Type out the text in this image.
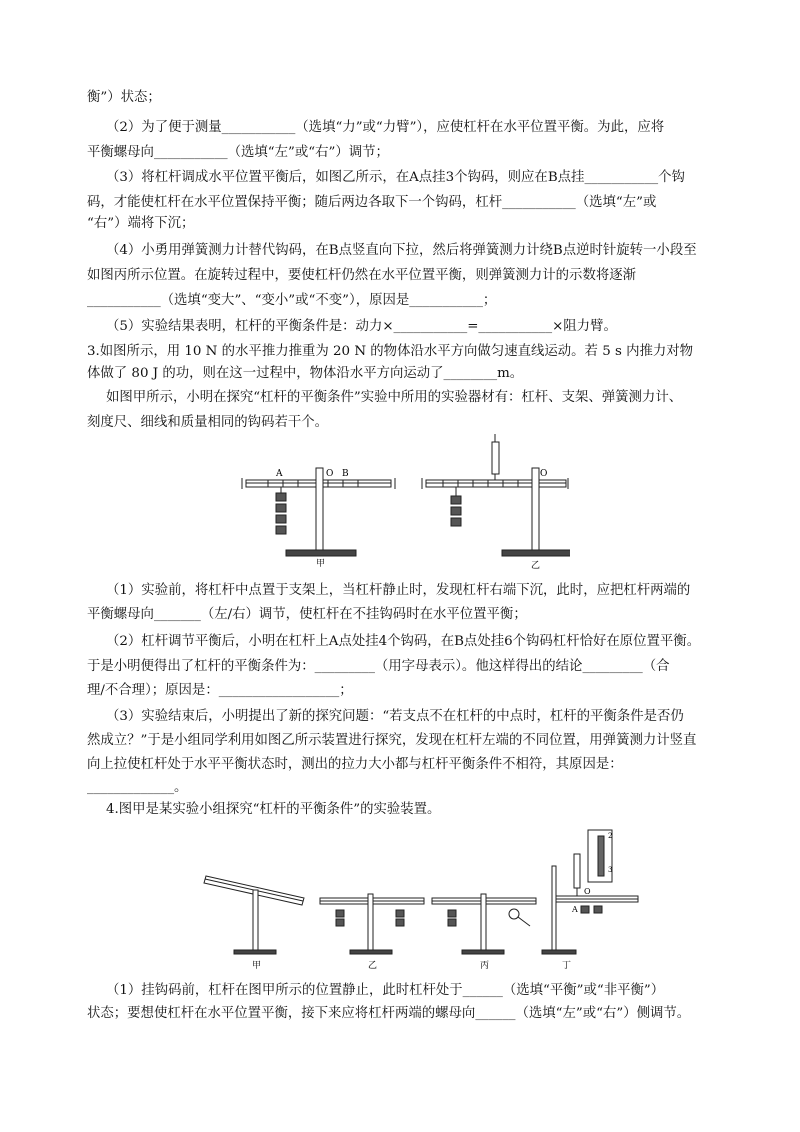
衡”）状态；
（2）为了便于测量___________（选填“力”或“力臂”），应使杠杆在水平位置平衡。为此，应将
平衡螺母向___________（选填“左”或“右”）调节；
（3）将杠杆调成水平位置平衡后，如图乙所示，在A点挂3个钩码，则应在B点挂___________个钩
码，才能使杠杆在水平位置保持平衡；随后两边各取下一个钩码，杠杆___________（选填“左”或
“右”）端将下沉；
（4）小勇用弹簧测力计替代钩码，在B点竖直向下拉，然后将弹簧测力计绕B点逆时针旋转一小段至
如图丙所示位置。在旋转过程中，要使杠杆仍然在水平位置平衡，则弹簧测力计的示数将逐渐
___________（选填“变大”、“变小”或“不变”），原因是___________；
（5）实验结果表明，杠杆的平衡条件是：动力×___________=___________×阻力臂。
3.如图所示，用 10 N 的水平推力推重为 20 N 的物体沿水平方向做匀速直线运动。若 5 s 内推力对物
体做了 80 J 的功，则在这一过程中，物体沿水平方向运动了________m。
如图甲所示，小明在探究“杠杆的平衡条件”实验中所用的实验器材有：杠杆、支架、弹簧测力计、
刻度尺、细线和质量相同的钩码若干个。
A	O B	O
甲	乙
（1）实验前，将杠杆中点置于支架上，当杠杆静止时，发现杠杆右端下沉，此时，应把杠杆两端的
平衡螺母向_______（左/右）调节，使杠杆在不挂钩码时在水平位置平衡；
（2）杠杆调节平衡后，小明在杠杆上A点处挂4个钩码，在B点处挂6个钩码杠杆恰好在原位置平衡。
于是小明便得出了杠杆的平衡条件为：_________（用字母表示）。他这样得出的结论_________（合
理/不合理）；原因是：__________________；
（3）实验结束后，小明提出了新的探究问题：“若支点不在杠杆的中点时，杠杆的平衡条件是否仍
然成立？”于是小组同学利用如图乙所示装置进行探究，发现在杠杆左端的不同位置，用弹簧测力计竖直
向上拉使杠杆处于水平平衡状态时，测出的拉力大小都与杠杆平衡条件不相符，其原因是：
_____________。
4.图甲是某实验小组探究“杠杆的平衡条件”的实验装置。
2
3
O
A
甲	乙	丙	丁
（1）挂钩码前，杠杆在图甲所示的位置静止，此时杠杆处于______（选填“平衡”或“非平衡”）
状态；要想使杠杆在水平位置平衡，接下来应将杠杆两端的螺母向______（选填“左”或“右”）侧调节。
